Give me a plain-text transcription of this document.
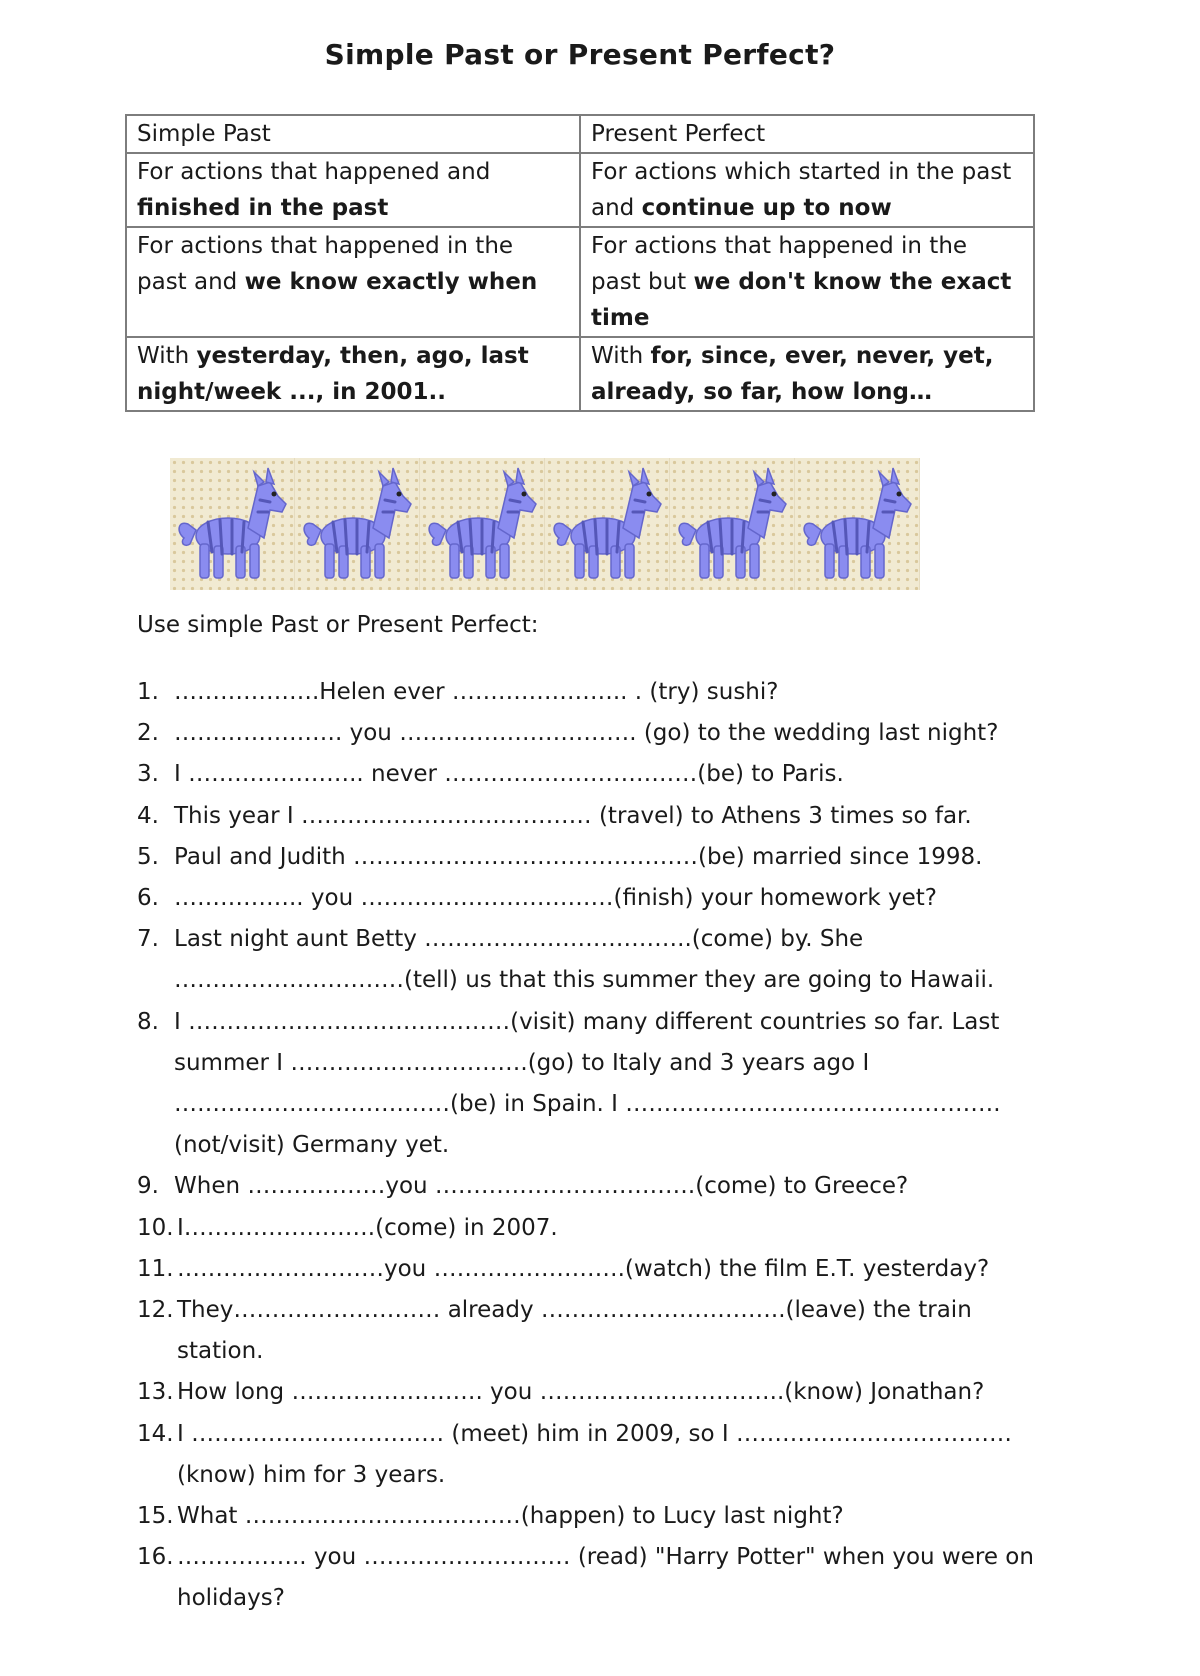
Simple Past or Present Perfect?
Simple Past	Present Perfect
For actions that happened and finished in the past	For actions which started in the past and continue up to now
For actions that happened in the past and we know exactly when	For actions that happened in the past but we don't know the exact time
With yesterday, then, ago, last night/week ..., in 2001..	With for, since, ever, never, yet, already, so far, how long…
Use simple Past or Present Perfect:
1. ……………….Helen ever ………………….. . (try) sushi?
2. …………………. you …………………………. (go) to the wedding last night?
3. I ………………….. never ……………………………(be) to Paris.
4. This year I ……………………..………… (travel) to Athens 3 times so far.
5. Paul and Judith ………………………………………(be) married since 1998.
6. …………….. you ……………………………(finish) your homework yet?
7. Last night aunt Betty ……………………………..(come) by. She …………………………(tell) us that this summer they are going to Hawaii.
8. I ……………………………………(visit) many different countries so far. Last summer I ………………………….(go) to Italy and 3 years ago I ………………………………(be) in Spain. I ………………………………………….(not/visit) Germany yet.
9. When ………………you …………………………….(come) to Greece?
10. I…………………….(come) in 2007.
11. ………………………you …………………….(watch) the film E.T. yesterday?
12. They……………………… already …………………………..(leave) the train station.
13. How long ……………………. you …………………………..(know) Jonathan?
14. I …………………………… (meet) him in 2009, so I ………………………………(know) him for 3 years.
15. What ………………………………(happen) to Lucy last night?
16. …………….. you ……………………… (read) "Harry Potter" when you were on holidays?
